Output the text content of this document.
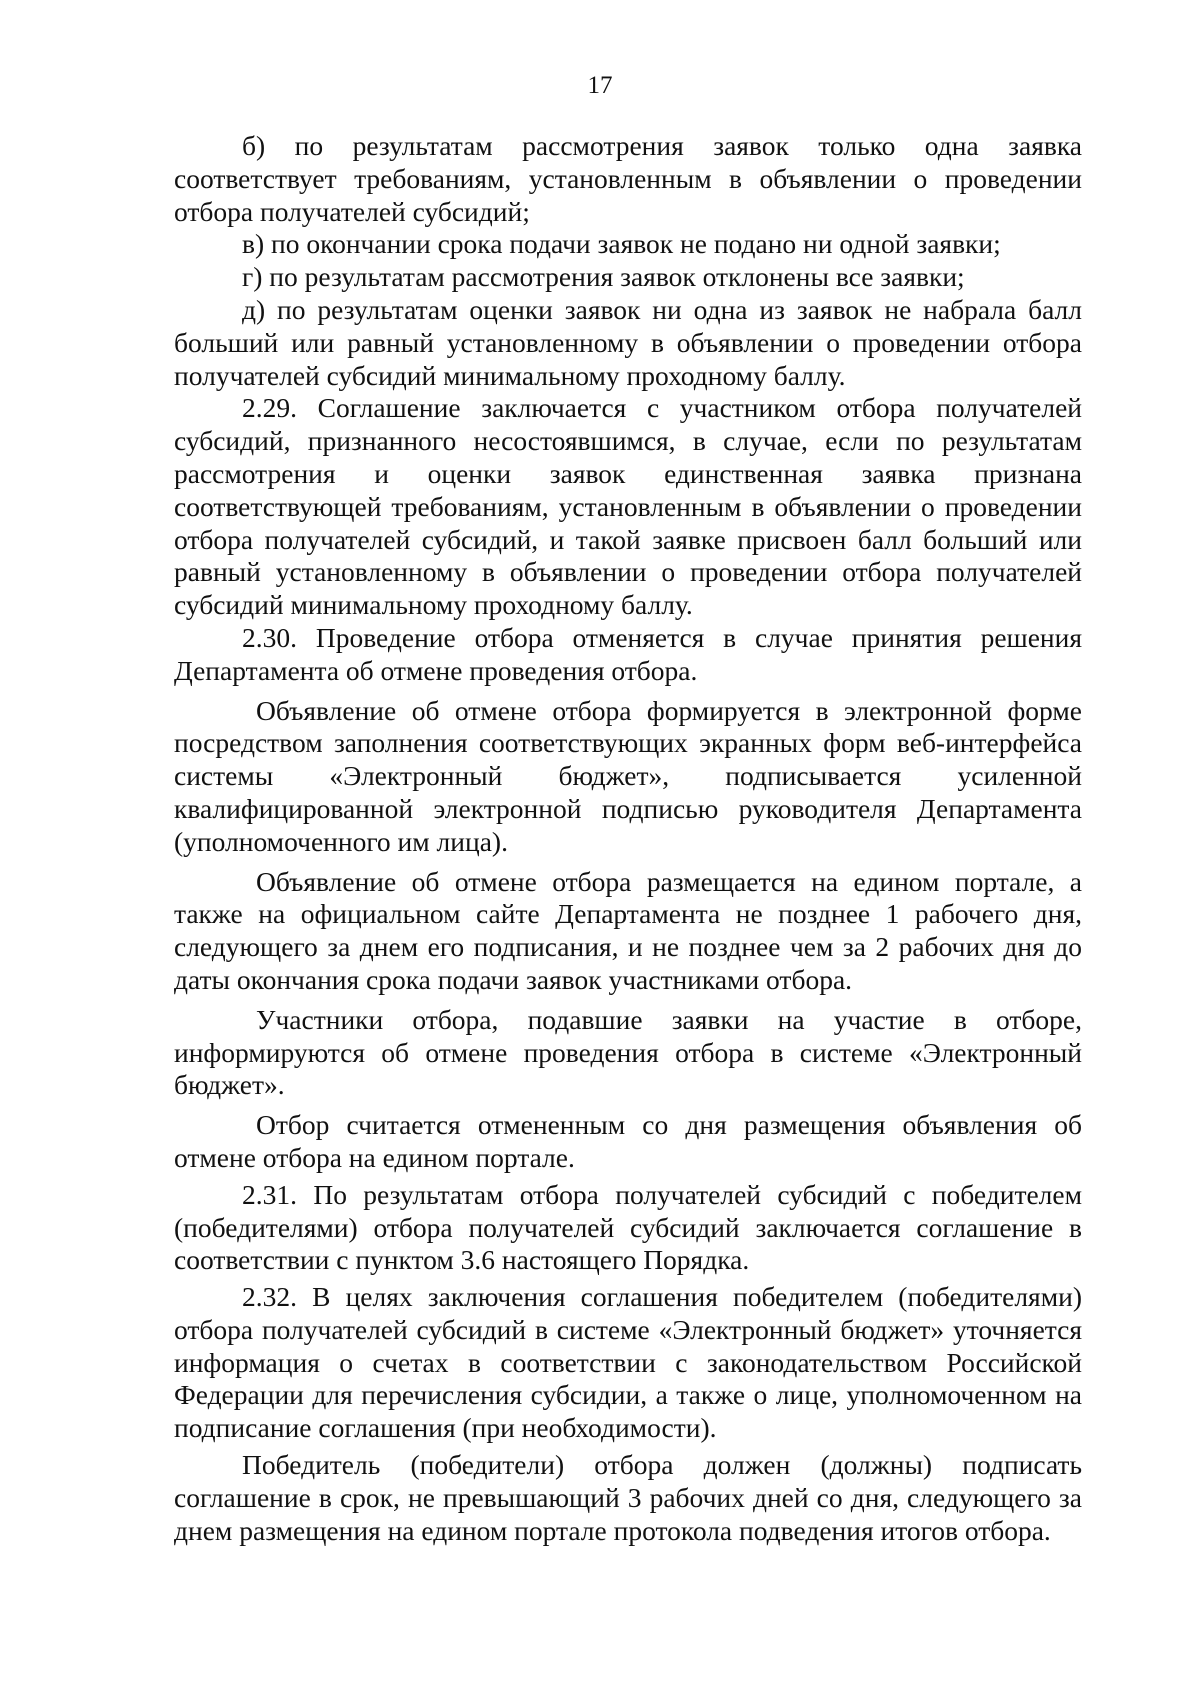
17

б) по результатам рассмотрения заявок только одна заявка соответствует требованиям, установленным в объявлении о проведении отбора получателей субсидий;

в) по окончании срока подачи заявок не подано ни одной заявки;

г) по результатам рассмотрения заявок отклонены все заявки;

д) по результатам оценки заявок ни одна из заявок не набрала балл больший или равный установленному в объявлении о проведении отбора получателей субсидий минимальному проходному баллу.

2.29. Соглашение заключается с участником отбора получателей субсидий, признанного несостоявшимся, в случае, если по результатам рассмотрения и оценки заявок единственная заявка признана соответствующей требованиям, установленным в объявлении о проведении отбора получателей субсидий, и такой заявке присвоен балл больший или равный установленному в объявлении о проведении отбора получателей субсидий минимальному проходному баллу.

2.30. Проведение отбора отменяется в случае принятия решения Департамента об отмене проведения отбора.

Объявление об отмене отбора формируется в электронной форме посредством заполнения соответствующих экранных форм веб-интерфейса системы «Электронный бюджет», подписывается усиленной квалифицированной электронной подписью руководителя Департамента (уполномоченного им лица).

Объявление об отмене отбора размещается на едином портале, а также на официальном сайте Департамента не позднее 1 рабочего дня, следующего за днем его подписания, и не позднее чем за 2 рабочих дня до даты окончания срока подачи заявок участниками отбора.

Участники отбора, подавшие заявки на участие в отборе, информируются об отмене проведения отбора в системе «Электронный бюджет».

Отбор считается отмененным со дня размещения объявления об отмене отбора на едином портале.

2.31. По результатам отбора получателей субсидий с победителем (победителями) отбора получателей субсидий заключается соглашение в соответствии с пунктом 3.6 настоящего Порядка.

2.32. В целях заключения соглашения победителем (победителями) отбора получателей субсидий в системе «Электронный бюджет» уточняется информация о счетах в соответствии с законодательством Российской Федерации для перечисления субсидии, а также о лице, уполномоченном на подписание соглашения (при необходимости).

Победитель (победители) отбора должен (должны) подписать соглашение в срок, не превышающий 3 рабочих дней со дня, следующего за днем размещения на едином портале протокола подведения итогов отбора.
